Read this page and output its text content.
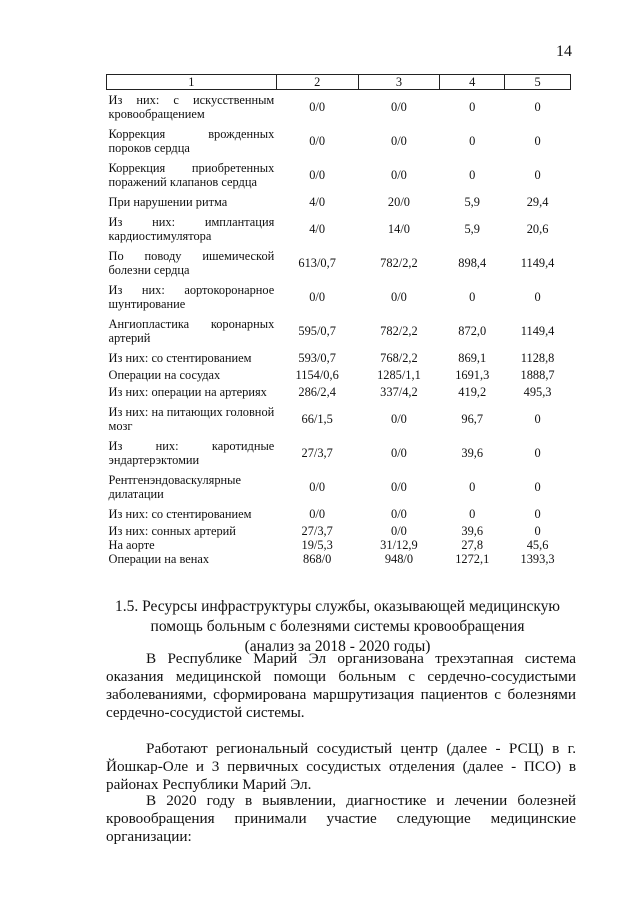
14
1	2	3	4	5
Из них: с искусственным кровообращением	0/0	0/0	0	0
Коррекция врожденных пороков сердца	0/0	0/0	0	0
Коррекция приобретенных поражений клапанов сердца	0/0	0/0	0	0
При нарушении ритма	4/0	20/0	5,9	29,4
Из них: имплантация кардиостимулятора	4/0	14/0	5,9	20,6
По поводу ишемической болезни сердца	613/0,7	782/2,2	898,4	1149,4
Из них: аортокоронарное шунтирование	0/0	0/0	0	0
Ангиопластика коронарных артерий	595/0,7	782/2,2	872,0	1149,4
Из них: со стентированием	593/0,7	768/2,2	869,1	1128,8
Операции на сосудах	1154/0,6	1285/1,1	1691,3	1888,7
Из них: операции на артериях	286/2,4	337/4,2	419,2	495,3
Из них: на питающих головной мозг	66/1,5	0/0	96,7	0
Из них: каротидные эндартерэктомии	27/3,7	0/0	39,6	0
Рентгенэндоваскулярные дилатации	0/0	0/0	0	0
Из них: со стентированием	0/0	0/0	0	0
Из них: сонных артерий	27/3,7	0/0	39,6	0
На аорте	19/5,3	31/12,9	27,8	45,6
Операции на венах	868/0	948/0	1272,1	1393,3
1.5. Ресурсы инфраструктуры службы, оказывающей медицинскую
помощь больным с болезнями системы кровообращения
(анализ за 2018 - 2020 годы)

В Республике Марий Эл организована трехэтапная система оказания медицинской помощи больным с сердечно-сосудистыми заболеваниями, сформирована маршрутизация пациентов с болезнями сердечно-сосудистой системы.

Работают региональный сосудистый центр (далее - РСЦ) в г. Йошкар-Оле и 3 первичных сосудистых отделения (далее - ПСО) в районах Республики Марий Эл.

В 2020 году в выявлении, диагностике и лечении болезней кровообращения принимали участие следующие медицинские организации:
